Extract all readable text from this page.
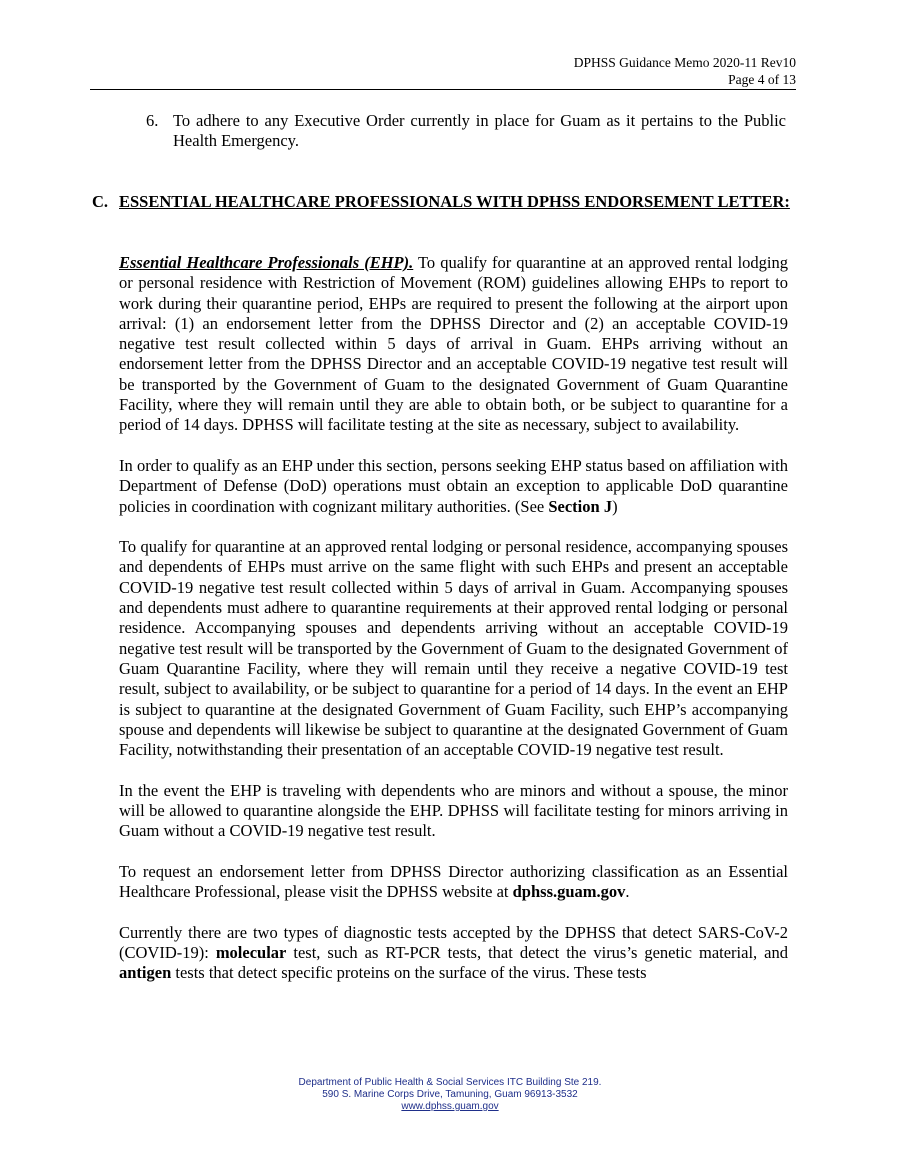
DPHSS Guidance Memo 2020-11 Rev10
Page 4 of 13
6. To adhere to any Executive Order currently in place for Guam as it pertains to the Public Health Emergency.
C. ESSENTIAL HEALTHCARE PROFESSIONALS WITH DPHSS ENDORSEMENT LETTER:

Essential Healthcare Professionals (EHP). To qualify for quarantine at an approved rental lodging or personal residence with Restriction of Movement (ROM) guidelines allowing EHPs to report to work during their quarantine period, EHPs are required to present the following at the airport upon arrival: (1) an endorsement letter from the DPHSS Director and (2) an acceptable COVID-19 negative test result collected within 5 days of arrival in Guam. EHPs arriving without an endorsement letter from the DPHSS Director and an acceptable COVID-19 negative test result will be transported by the Government of Guam to the designated Government of Guam Quarantine Facility, where they will remain until they are able to obtain both, or be subject to quarantine for a period of 14 days. DPHSS will facilitate testing at the site as necessary, subject to availability.

In order to qualify as an EHP under this section, persons seeking EHP status based on affiliation with Department of Defense (DoD) operations must obtain an exception to applicable DoD quarantine policies in coordination with cognizant military authorities. (See Section J)

To qualify for quarantine at an approved rental lodging or personal residence, accompanying spouses and dependents of EHPs must arrive on the same flight with such EHPs and present an acceptable COVID-19 negative test result collected within 5 days of arrival in Guam. Accompanying spouses and dependents must adhere to quarantine requirements at their approved rental lodging or personal residence. Accompanying spouses and dependents arriving without an acceptable COVID-19 negative test result will be transported by the Government of Guam to the designated Government of Guam Quarantine Facility, where they will remain until they receive a negative COVID-19 test result, subject to availability, or be subject to quarantine for a period of 14 days. In the event an EHP is subject to quarantine at the designated Government of Guam Facility, such EHP’s accompanying spouse and dependents will likewise be subject to quarantine at the designated Government of Guam Facility, notwithstanding their presentation of an acceptable COVID-19 negative test result.

In the event the EHP is traveling with dependents who are minors and without a spouse, the minor will be allowed to quarantine alongside the EHP. DPHSS will facilitate testing for minors arriving in Guam without a COVID-19 negative test result.

To request an endorsement letter from DPHSS Director authorizing classification as an Essential Healthcare Professional, please visit the DPHSS website at dphss.guam.gov.

Currently there are two types of diagnostic tests accepted by the DPHSS that detect SARS-CoV-2 (COVID-19): molecular test, such as RT-PCR tests, that detect the virus’s genetic material, and antigen tests that detect specific proteins on the surface of the virus. These tests

Department of Public Health & Social Services ITC Building Ste 219.
590 S. Marine Corps Drive, Tamuning, Guam 96913-3532
www.dphss.guam.gov
